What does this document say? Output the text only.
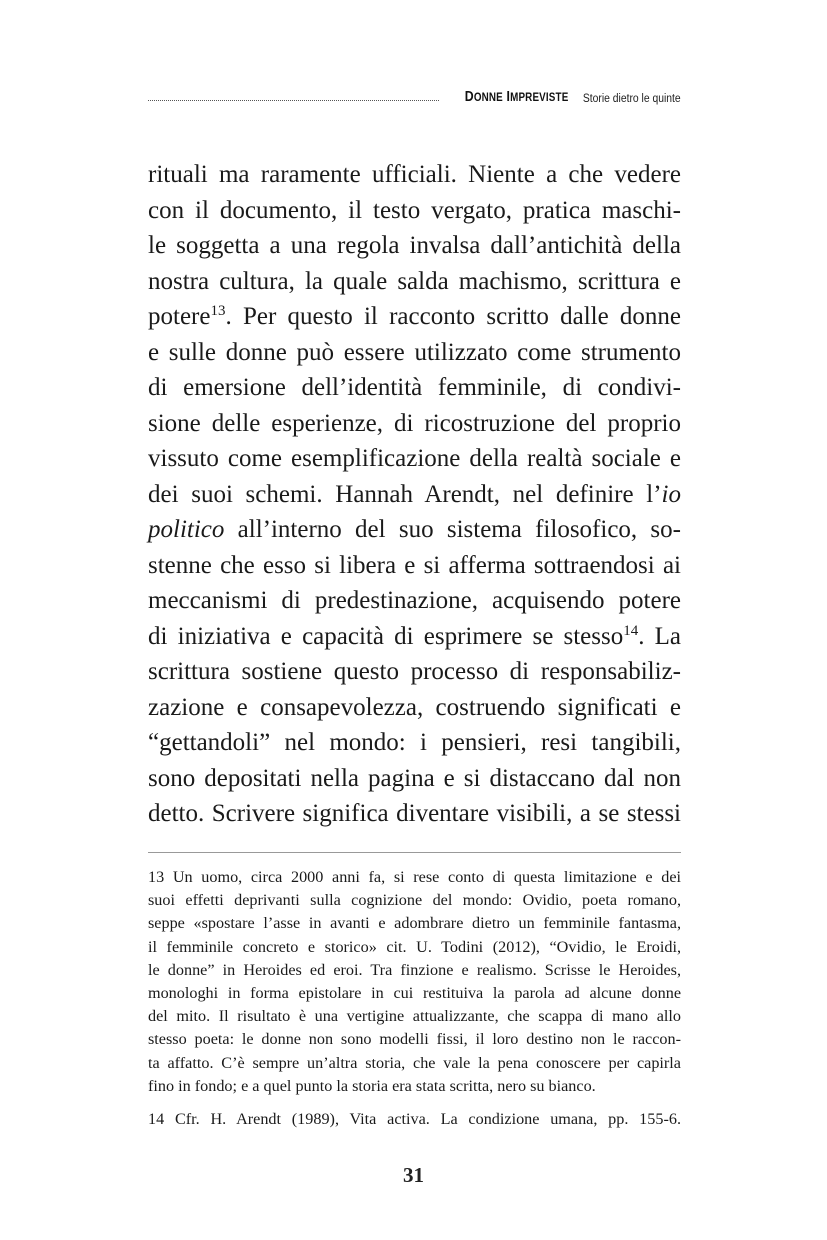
DONNE IMPREVISTE Storie dietro le quinte
rituali ma raramente ufficiali. Niente a che vedere
con il documento, il testo vergato, pratica maschi-
le soggetta a una regola invalsa dall’antichità della
nostra cultura, la quale salda machismo, scrittura e
potere$^{13}$. Per questo il racconto scritto dalle donne
e sulle donne può essere utilizzato come strumento
di emersione dell’identità femminile, di condivi-
sione delle esperienze, di ricostruzione del proprio
vissuto come esemplificazione della realtà sociale e
dei suoi schemi. Hannah Arendt, nel definire l’io
politico all’interno del suo sistema filosofico, so-
stenne che esso si libera e si afferma sottraendosi ai
meccanismi di predestinazione, acquisendo potere
di iniziativa e capacità di esprimere se stesso$^{14}$. La
scrittura sostiene questo processo di responsabiliz-
zazione e consapevolezza, costruendo significati e
“gettandoli” nel mondo: i pensieri, resi tangibili,
sono depositati nella pagina e si distaccano dal non
detto. Scrivere significa diventare visibili, a se stessi
13 Un uomo, circa 2000 anni fa, si rese conto di questa limitazione e dei
suoi effetti deprivanti sulla cognizione del mondo: Ovidio, poeta romano,
seppe «spostare l’asse in avanti e adombrare dietro un femminile fantasma,
il femminile concreto e storico» cit. U. Todini (2012), “Ovidio, le Eroidi,
le donne” in Heroides ed eroi. Tra finzione e realismo. Scrisse le Heroides,
monologhi in forma epistolare in cui restituiva la parola ad alcune donne
del mito. Il risultato è una vertigine attualizzante, che scappa di mano allo
stesso poeta: le donne non sono modelli fissi, il loro destino non le raccon-
ta affatto. C’è sempre un’altra storia, che vale la pena conoscere per capirla
fino in fondo; e a quel punto la storia era stata scritta, nero su bianco.
14 Cfr. H. Arendt (1989), Vita activa. La condizione umana, pp. 155-6.
31
